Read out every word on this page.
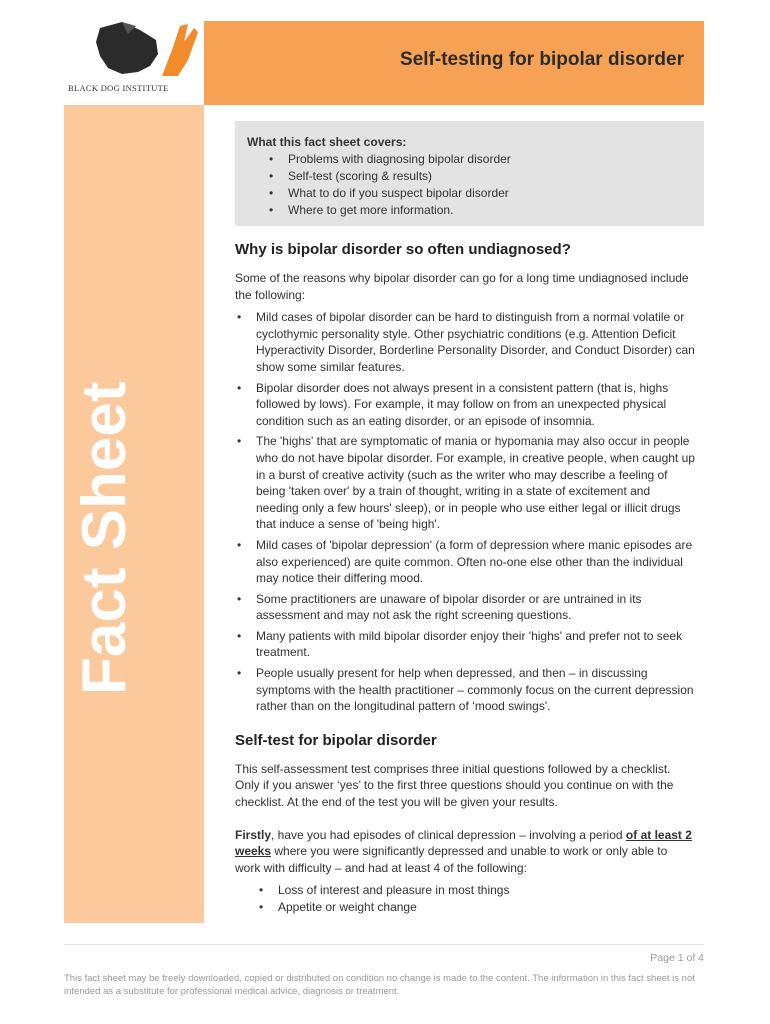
BLACK DOG INSTITUTE
Self-testing for bipolar disorder
Fact Sheet
What this fact sheet covers:
• Problems with diagnosing bipolar disorder
• Self-test (scoring & results)
• What to do if you suspect bipolar disorder
• Where to get more information.
Why is bipolar disorder so often undiagnosed?

Some of the reasons why bipolar disorder can go for a long time undiagnosed include the following:

• Mild cases of bipolar disorder can be hard to distinguish from a normal volatile or cyclothymic personality style. Other psychiatric conditions (e.g. Attention Deficit Hyperactivity Disorder, Borderline Personality Disorder, and Conduct Disorder) can show some similar features.
• Bipolar disorder does not always present in a consistent pattern (that is, highs followed by lows). For example, it may follow on from an unexpected physical condition such as an eating disorder, or an episode of insomnia.
• The 'highs' that are symptomatic of mania or hypomania may also occur in people who do not have bipolar disorder. For example, in creative people, when caught up in a burst of creative activity (such as the writer who may describe a feeling of being 'taken over' by a train of thought, writing in a state of excitement and needing only a few hours' sleep), or in people who use either legal or illicit drugs that induce a sense of 'being high'.
• Mild cases of 'bipolar depression' (a form of depression where manic episodes are also experienced) are quite common. Often no-one else other than the individual may notice their differing mood.
• Some practitioners are unaware of bipolar disorder or are untrained in its assessment and may not ask the right screening questions.
• Many patients with mild bipolar disorder enjoy their 'highs' and prefer not to seek treatment.
• People usually present for help when depressed, and then – in discussing symptoms with the health practitioner – commonly focus on the current depression rather than on the longitudinal pattern of ‘mood swings'.
Self-test for bipolar disorder

This self-assessment test comprises three initial questions followed by a checklist. Only if you answer ‘yes’ to the first three questions should you continue on with the checklist. At the end of the test you will be given your results.

Firstly, have you had episodes of clinical depression – involving a period of at least 2 weeks where you were significantly depressed and unable to work or only able to work with difficulty – and had at least 4 of the following:

• Loss of interest and pleasure in most things
• Appetite or weight change
Page 1 of 4
This fact sheet may be freely downloaded, copied or distributed on condition no change is made to the content. The information in this fact sheet is not intended as a substitute for professional medical advice, diagnosis or treatment.
